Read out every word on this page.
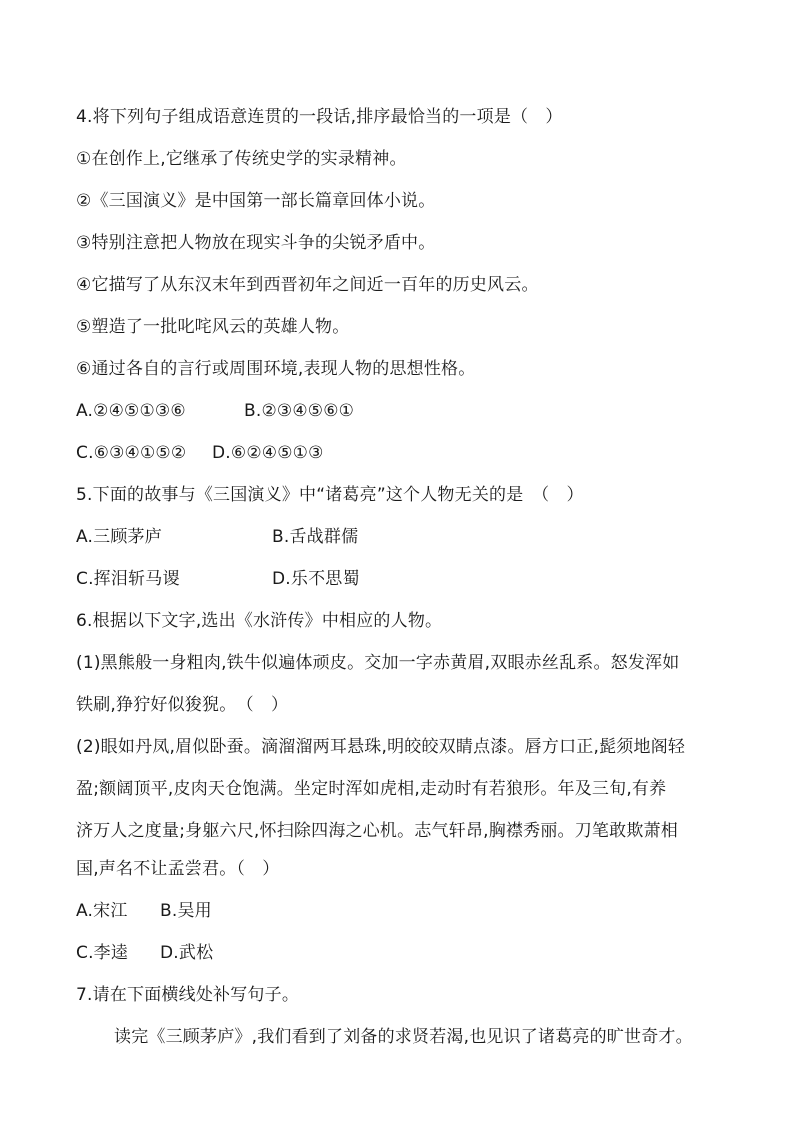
4.将下列句子组成语意连贯的一段话,排序最恰当的一项是（　）
①在创作上,它继承了传统史学的实录精神。
②《三国演义》是中国第一部长篇章回体小说。
③特别注意把人物放在现实斗争的尖锐矛盾中。
④它描写了从东汉末年到西晋初年之间近一百年的历史风云。
⑤塑造了一批叱咤风云的英雄人物。
⑥通过各自的言行或周围环境,表现人物的思想性格。
A.②④⑤①③⑥	B.②③④⑤⑥①
C.⑥③④①⑤② D.⑥②④⑤①③
5.下面的故事与《三国演义》中“诸葛亮”这个人物无关的是　（　）
A.三顾茅庐	B.舌战群儒
C.挥泪斩马谡	D.乐不思蜀
6.根据以下文字,选出《水浒传》中相应的人物。
(1)黑熊般一身粗肉,铁牛似遍体顽皮。交加一字赤黄眉,双眼赤丝乱系。怒发浑如
铁刷,狰狞好似狻猊。　（　）
(2)眼如丹凤,眉似卧蚕。滴溜溜两耳悬珠,明皎皎双睛点漆。唇方口正,髭须地阁轻
盈;额阔顶平,皮肉天仓饱满。坐定时浑如虎相,走动时有若狼形。年及三旬,有养
济万人之度量;身躯六尺,怀扫除四海之心机。志气轩昂,胸襟秀丽。刀笔敢欺萧相
国,声名不让孟尝君。（　）
A.宋江 B.吴用
C.李逵 D.武松
7.请在下面横线处补写句子。
读完《三顾茅庐》,我们看到了刘备的求贤若渴,也见识了诸葛亮的旷世奇才。
